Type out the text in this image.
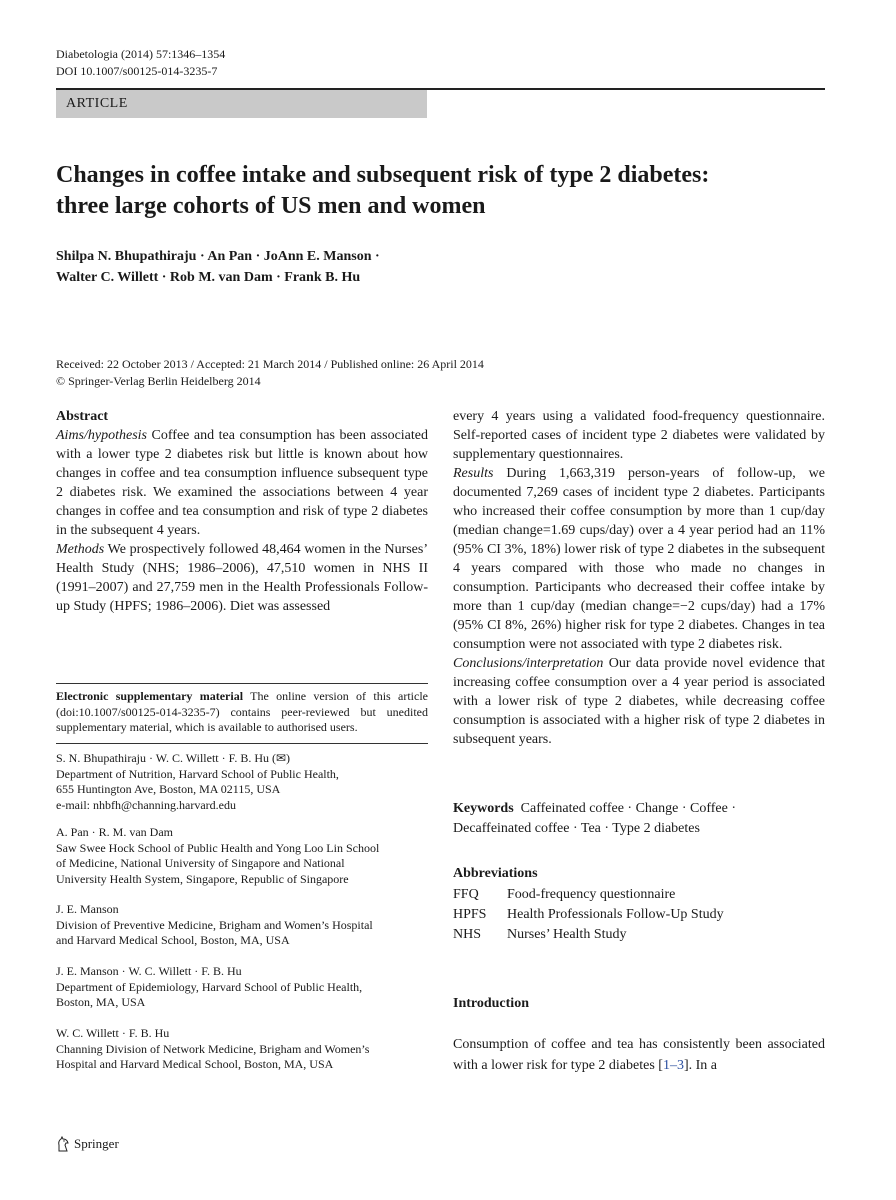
Diabetologia (2014) 57:1346–1354
DOI 10.1007/s00125-014-3235-7
ARTICLE
Changes in coffee intake and subsequent risk of type 2 diabetes:
three large cohorts of US men and women
Shilpa N. Bhupathiraju · An Pan · JoAnn E. Manson ·
Walter C. Willett · Rob M. van Dam · Frank B. Hu
Received: 22 October 2013 / Accepted: 21 March 2014 / Published online: 26 April 2014
© Springer-Verlag Berlin Heidelberg 2014
Abstract

Aims/hypothesis Coffee and tea consumption has been associated with a lower type 2 diabetes risk but little is known about how changes in coffee and tea consumption influence subsequent type 2 diabetes risk. We examined the associations between 4 year changes in coffee and tea consumption and risk of type 2 diabetes in the subsequent 4 years.

Methods We prospectively followed 48,464 women in the Nurses’ Health Study (NHS; 1986–2006), 47,510 women in NHS II (1991–2007) and 27,759 men in the Health Professionals Follow-up Study (HPFS; 1986–2006). Diet was assessed

Electronic supplementary material The online version of this article (doi:10.1007/s00125-014-3235-7) contains peer-reviewed but unedited supplementary material, which is available to authorised users.

S. N. Bhupathiraju · W. C. Willett · F. B. Hu (✉)

Department of Nutrition, Harvard School of Public Health,

655 Huntington Ave, Boston, MA 02115, USA

e-mail: nhbfh@channing.harvard.edu

A. Pan · R. M. van Dam

Saw Swee Hock School of Public Health and Yong Loo Lin School

of Medicine, National University of Singapore and National

University Health System, Singapore, Republic of Singapore

J. E. Manson

Division of Preventive Medicine, Brigham and Women’s Hospital

and Harvard Medical School, Boston, MA, USA

J. E. Manson · W. C. Willett · F. B. Hu

Department of Epidemiology, Harvard School of Public Health,

Boston, MA, USA

W. C. Willett · F. B. Hu

Channing Division of Network Medicine, Brigham and Women’s

Hospital and Harvard Medical School, Boston, MA, USA

every 4 years using a validated food-frequency questionnaire. Self-reported cases of incident type 2 diabetes were validated by supplementary questionnaires.

Results During 1,663,319 person-years of follow-up, we documented 7,269 cases of incident type 2 diabetes. Participants who increased their coffee consumption by more than 1 cup/day (median change=1.69 cups/day) over a 4 year period had an 11% (95% CI 3%, 18%) lower risk of type 2 diabetes in the subsequent 4 years compared with those who made no changes in consumption. Participants who decreased their coffee intake by more than 1 cup/day (median change=−2 cups/day) had a 17% (95% CI 8%, 26%) higher risk for type 2 diabetes. Changes in tea consumption were not associated with type 2 diabetes risk.

Conclusions/interpretation Our data provide novel evidence that increasing coffee consumption over a 4 year period is associated with a lower risk of type 2 diabetes, while decreasing coffee consumption is associated with a higher risk of type 2 diabetes in subsequent years.

Keywords Caffeinated coffee · Change · Coffee ·
Decaffeinated coffee · Tea · Type 2 diabetes
Abbreviations
FFQ	Food-frequency questionnaire
HPFS	Health Professionals Follow-Up Study
NHS	Nurses’ Health Study
Introduction
Consumption of coffee and tea has consistently been associated with a lower risk for type 2 diabetes [1–3]. In a
Springer
